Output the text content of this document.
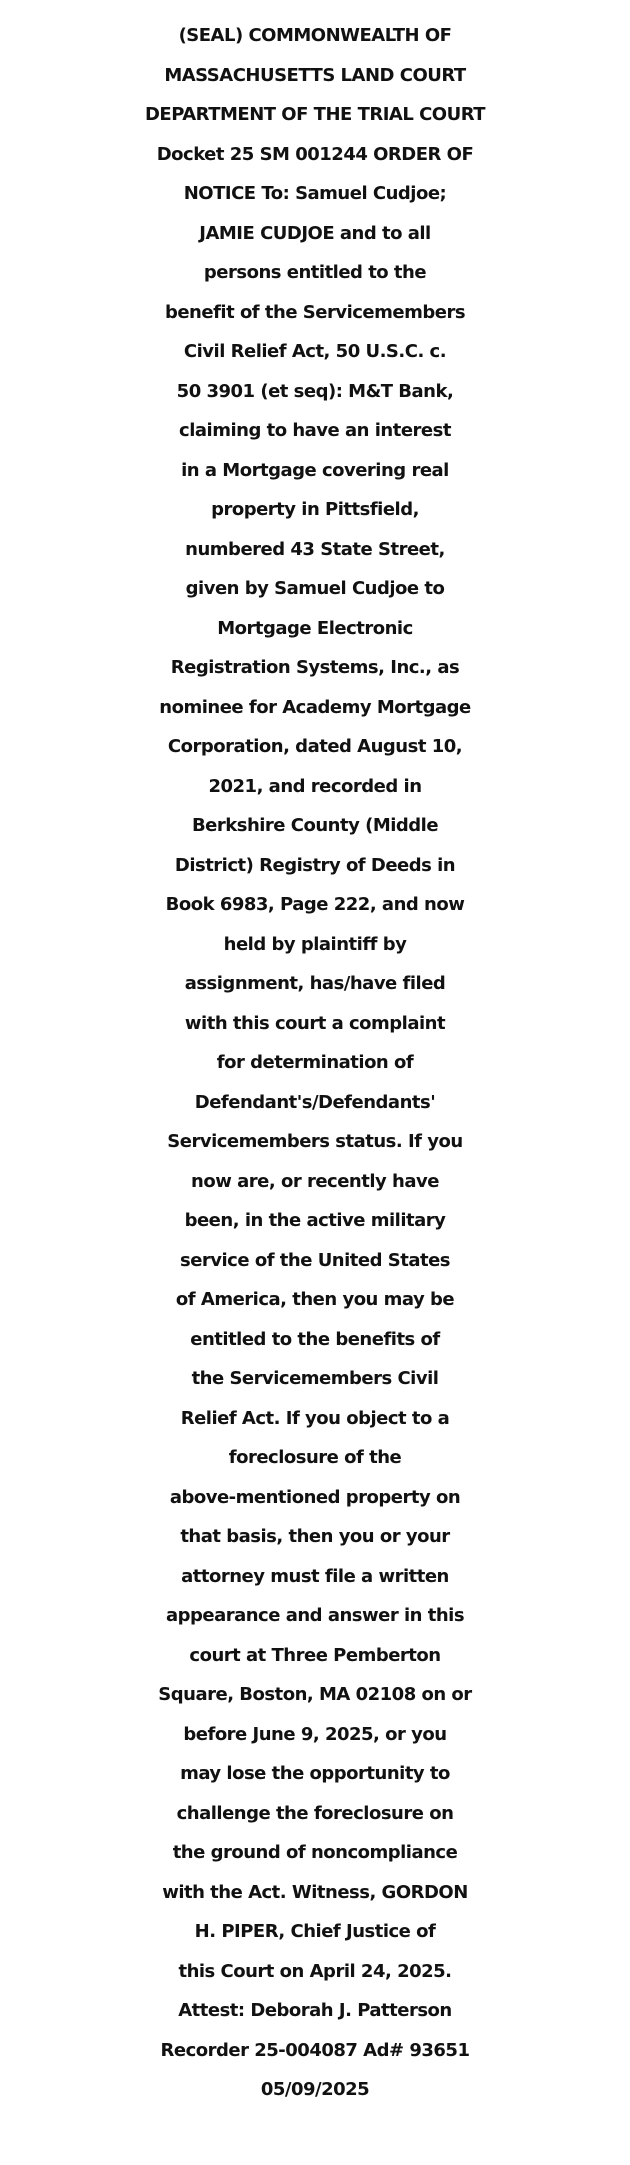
(SEAL) COMMONWEALTH OF
MASSACHUSETTS LAND COURT
DEPARTMENT OF THE TRIAL COURT
Docket 25 SM 001244 ORDER OF
NOTICE To: Samuel Cudjoe;
JAMIE CUDJOE and to all
persons entitled to the
benefit of the Servicemembers
Civil Relief Act, 50 U.S.C. c.
50 3901 (et seq): M&T Bank,
claiming to have an interest
in a Mortgage covering real
property in Pittsfield,
numbered 43 State Street,
given by Samuel Cudjoe to
Mortgage Electronic
Registration Systems, Inc., as
nominee for Academy Mortgage
Corporation, dated August 10,
2021, and recorded in
Berkshire County (Middle
District) Registry of Deeds in
Book 6983, Page 222, and now
held by plaintiff by
assignment, has/have filed
with this court a complaint
for determination of
Defendant's/Defendants'
Servicemembers status. If you
now are, or recently have
been, in the active military
service of the United States
of America, then you may be
entitled to the benefits of
the Servicemembers Civil
Relief Act. If you object to a
foreclosure of the
above-mentioned property on
that basis, then you or your
attorney must file a written
appearance and answer in this
court at Three Pemberton
Square, Boston, MA 02108 on or
before June 9, 2025, or you
may lose the opportunity to
challenge the foreclosure on
the ground of noncompliance
with the Act. Witness, GORDON
H. PIPER, Chief Justice of
this Court on April 24, 2025.
Attest: Deborah J. Patterson
Recorder 25-004087 Ad# 93651
05/09/2025
